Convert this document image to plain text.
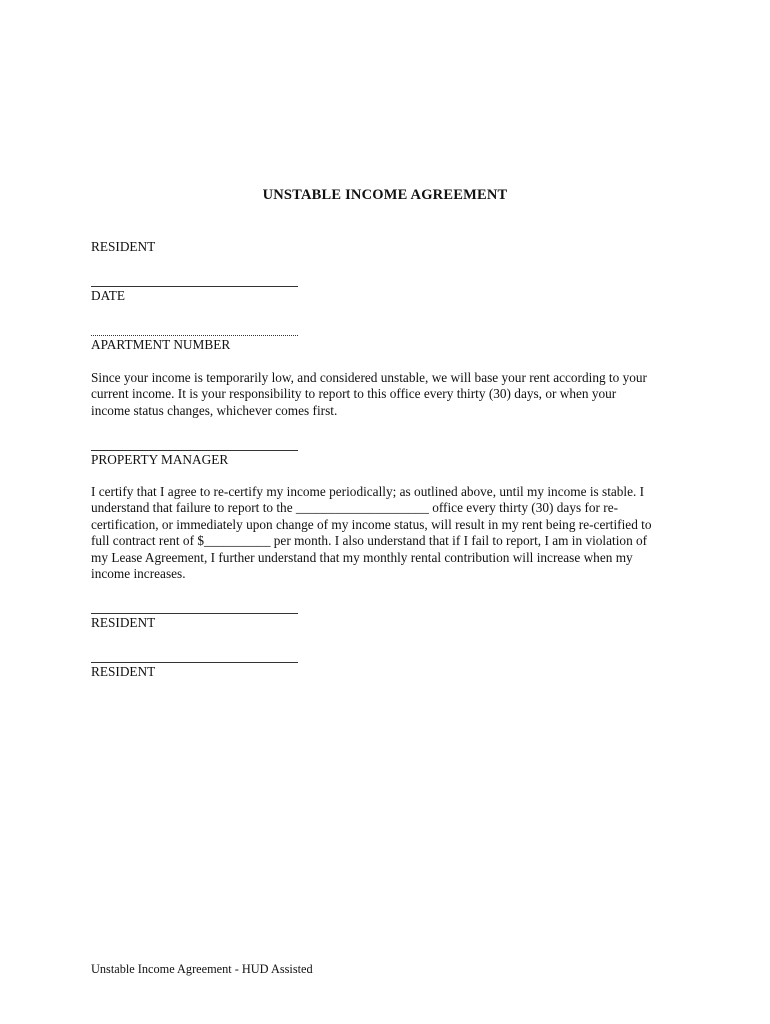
UNSTABLE INCOME AGREEMENT
RESIDENT
DATE
APARTMENT NUMBER
Since your income is temporarily low, and considered unstable, we will base your rent according to your
current income. It is your responsibility to report to this office every thirty (30) days, or when your
income status changes, whichever comes first.
PROPERTY MANAGER
I certify that I agree to re-certify my income periodically; as outlined above, until my income is stable. I
understand that failure to report to the ____________________ office every thirty (30) days for re-
certification, or immediately upon change of my income status, will result in my rent being re-certified to
full contract rent of $__________ per month. I also understand that if I fail to report, I am in violation of
my Lease Agreement, I further understand that my monthly rental contribution will increase when my
income increases.
RESIDENT
RESIDENT
Unstable Income Agreement - HUD Assisted
